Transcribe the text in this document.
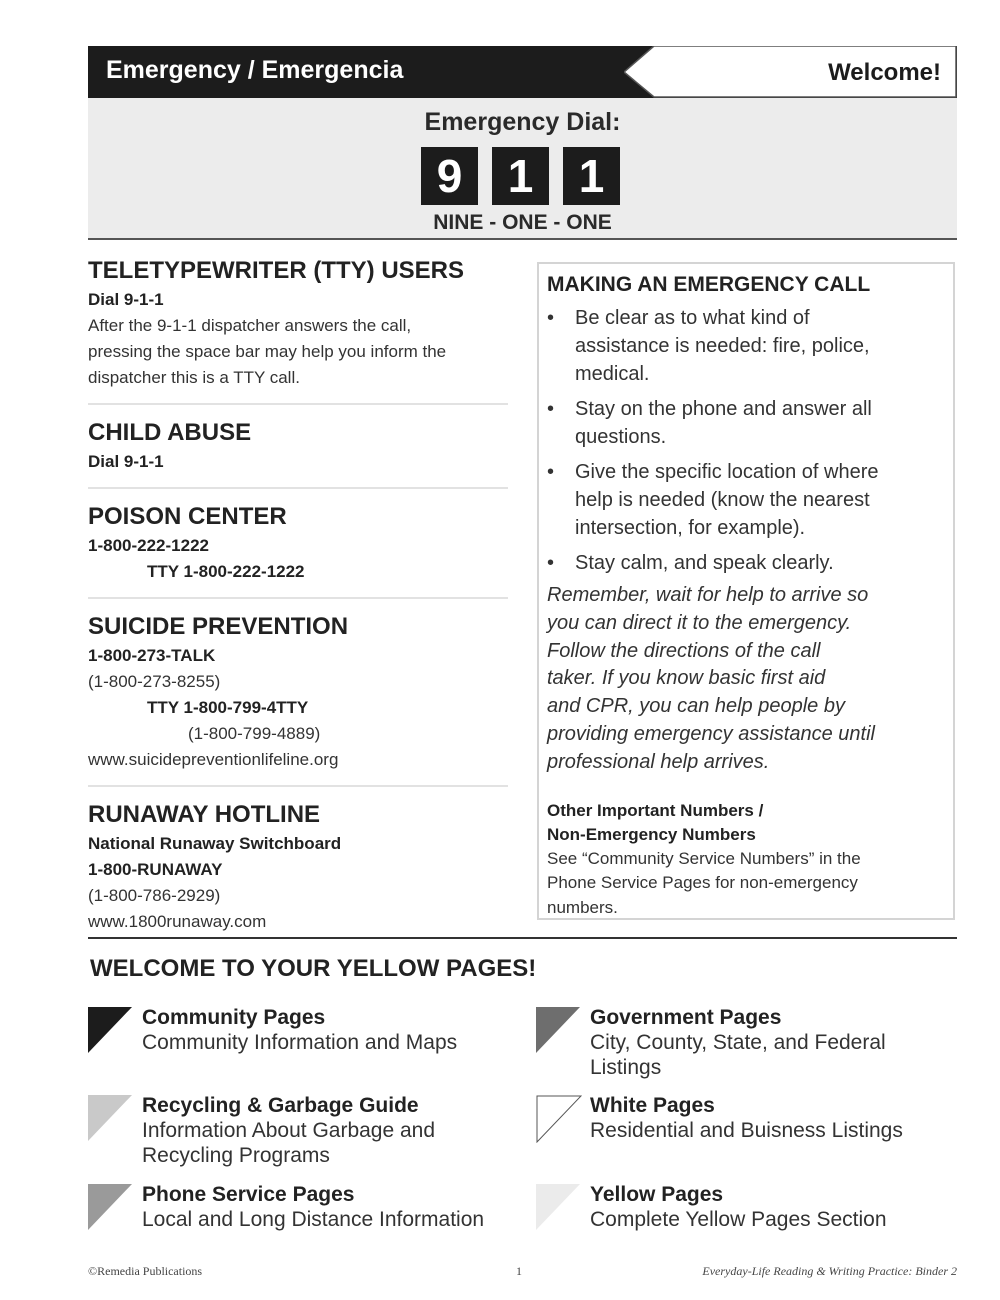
Emergency / Emergencia	Welcome!
Emergency Dial:
9 1 1
NINE - ONE - ONE
TELETYPEWRITER (TTY) USERS
Dial 9-1-1
After the 9-1-1 dispatcher answers the call,
pressing the space bar may help you inform the
dispatcher this is a TTY call.
CHILD ABUSE
Dial 9-1-1
POISON CENTER
1-800-222-1222
TTY 1-800-222-1222
SUICIDE PREVENTION
1-800-273-TALK
(1-800-273-8255)
TTY 1-800-799-4TTY
(1-800-799-4889)
www.suicidepreventionlifeline.org
RUNAWAY HOTLINE
National Runaway Switchboard
1-800-RUNAWAY
(1-800-786-2929)
www.1800runaway.com
MAKING AN EMERGENCY CALL
• Be clear as to what kind of
assistance is needed: fire, police,
medical.
• Stay on the phone and answer all
questions.
• Give the specific location of where
help is needed (know the nearest
intersection, for example).
• Stay calm, and speak clearly.
Remember, wait for help to arrive so
you can direct it to the emergency.
Follow the directions of the call
taker. If you know basic first aid
and CPR, you can help people by
providing emergency assistance until
professional help arrives.
Other Important Numbers /
Non-Emergency Numbers
See “Community Service Numbers” in the
Phone Service Pages for non-emergency
numbers.
WELCOME TO YOUR YELLOW PAGES!
Community Pages
Community Information and Maps
Recycling & Garbage Guide
Information About Garbage and Recycling Programs
Phone Service Pages
Local and Long Distance Information
Government Pages
City, County, State, and Federal Listings
White Pages
Residential and Buisness Listings
Yellow Pages
Complete Yellow Pages Section
©Remedia Publications	1	Everyday-Life Reading & Writing Practice: Binder 2
